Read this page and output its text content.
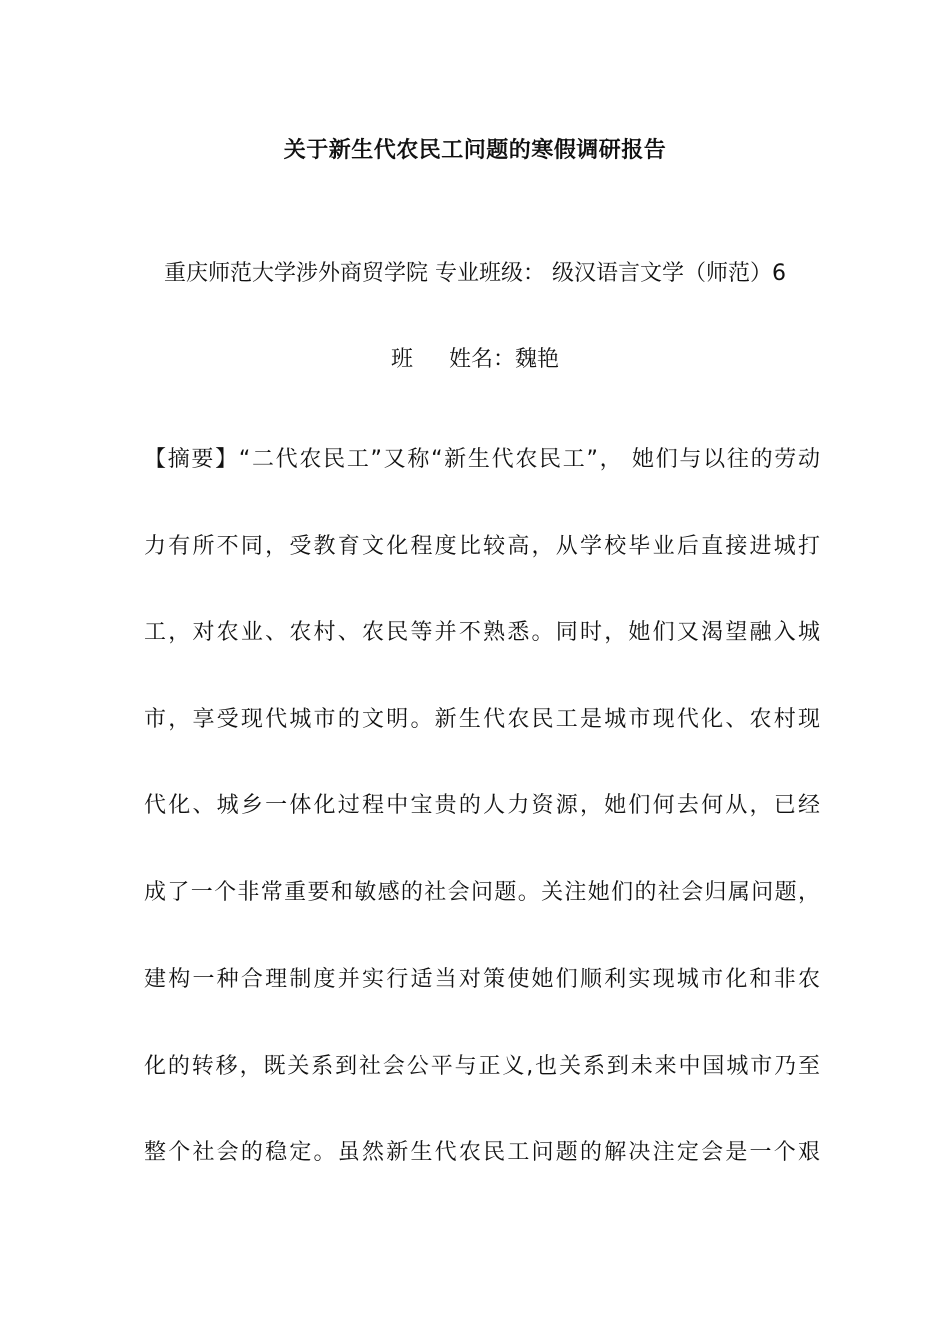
关于新生代农民工问题的寒假调研报告
重庆师范大学涉外商贸学院 专业班级： 级汉语言文学（师范）6
班 姓名：魏艳
【摘要】“二代农民工”又称“新生代农民工”， 她们与以往的劳动
力有所不同，受教育文化程度比较高，从学校毕业后直接进城打
工，对农业、农村、农民等并不熟悉。同时，她们又渴望融入城
市，享受现代城市的文明。新生代农民工是城市现代化、农村现
代化、城乡一体化过程中宝贵的人力资源，她们何去何从，已经
成了一个非常重要和敏感的社会问题。关注她们的社会归属问题，
建构一种合理制度并实行适当对策使她们顺利实现城市化和非农
化的转移，既关系到社会公平与正义,也关系到未来中国城市乃至
整个社会的稳定。虽然新生代农民工问题的解决注定会是一个艰
